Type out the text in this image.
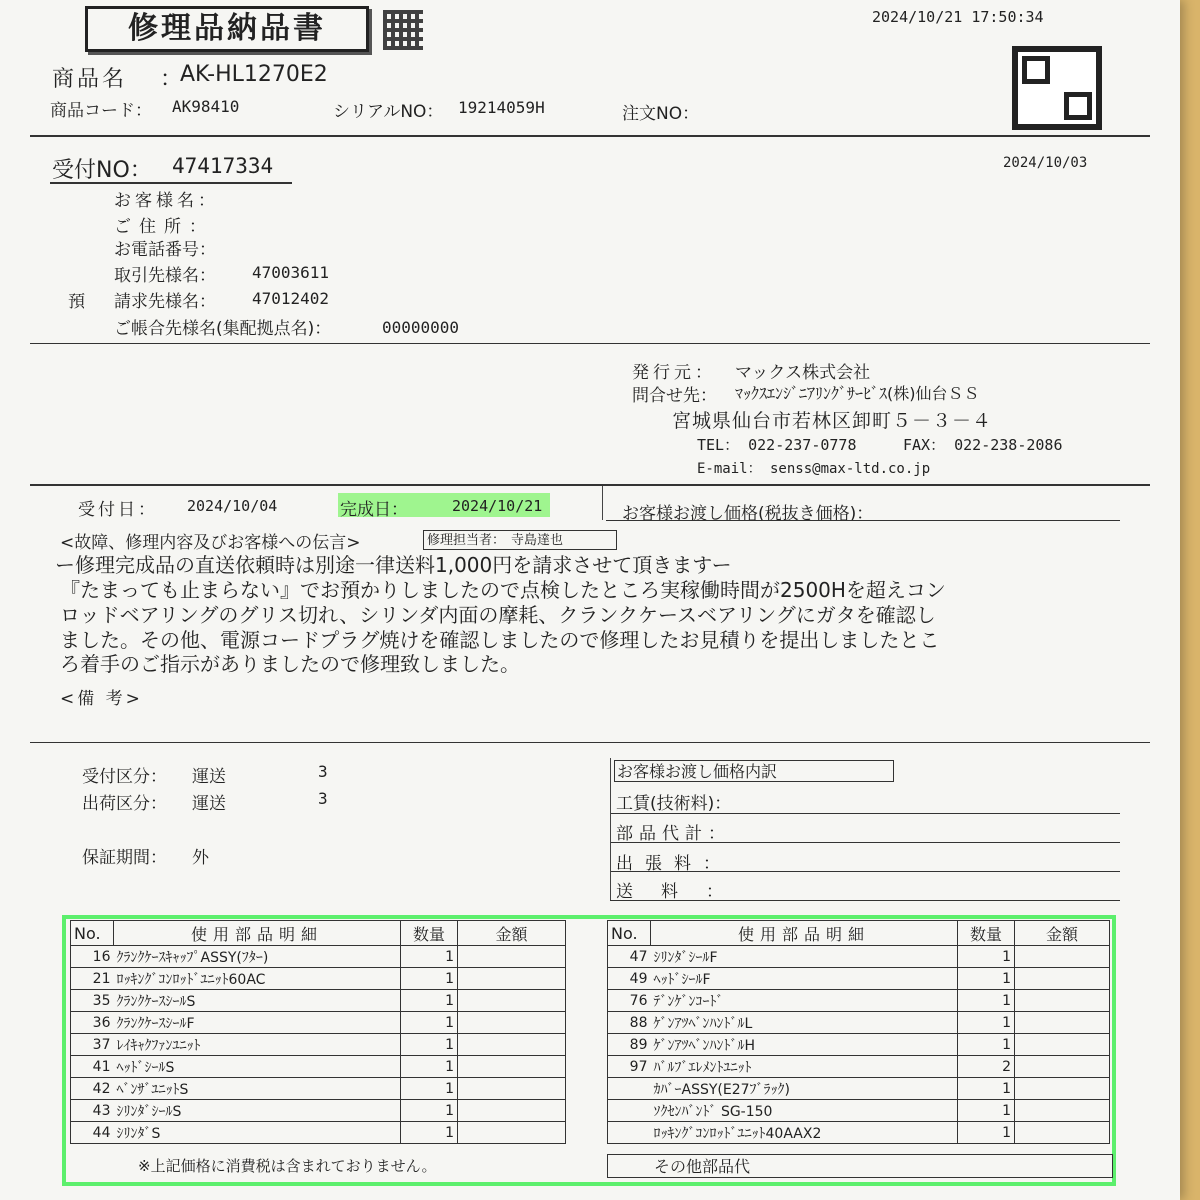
修理品納品書	2024/10/21 17:50:34
商品名 ：
AK-HL1270E2
商品コード： AK98410	シリアルNO： 19214059H	注文NO：
受付NO： 47417334	2024/10/03
お客様名：
ご住所：
お電話番号：
取引先様名： 47003611
預 請求先様名： 47012402
ご帳合先様名(集配拠点名)：	00000000
発行元： マックス株式会社
問合せ先： ﾏｯｸｽｴﾝｼﾞﾆｱﾘﾝｸﾞｻｰﾋﾞｽ(株)仙台ＳＳ
宮城県仙台市若林区卸町５－３－４
TEL： 022-237-0778	FAX： 022-238-2086
E-mail： senss@max-ltd.co.jp
受付日： 2024/10/04	完成日：	2024/10/21	お客様お渡し価格(税抜き価格)：
<故障、修理内容及びお客様への伝言>	修理担当者： 寺島達也
ー修理完成品の直送依頼時は別途一律送料1,000円を請求させて頂きますー
『たまっても止まらない』でお預かりしましたので点検したところ実稼働時間が2500Hを超えコン
ロッドベアリングのグリス切れ、シリンダ内面の摩耗、クランクケースベアリングにガタを確認し
ました。その他、電源コードプラグ焼けを確認しましたので修理したお見積りを提出しましたとこ
ろ着手のご指示がありましたので修理致しました。
<備 考>
受付区分： 運送	3
出荷区分： 運送	3
保証期間： 外
お客様お渡し価格内訳
工賃(技術料)：
部品代計：
出張料：
送料：
No.	使用部品明細	数量	金額
16	ｸﾗﾝｸｹｰｽｷｬｯﾌﾟASSY(ﾌﾀｰ)	1	
21	ﾛｯｷﾝｸﾞｺﾝﾛｯﾄﾞﾕﾆｯﾄ60AC	1	
35	ｸﾗﾝｸｹｰｽｼｰﾙS	1	
36	ｸﾗﾝｸｹｰｽｼｰﾙF	1	
37	ﾚｲｷｬｸﾌｧﾝﾕﾆｯﾄ	1	
41	ﾍｯﾄﾞｼｰﾙS	1	
42	ﾍﾞﾝｻﾞﾕﾆｯﾄS	1	
43	ｼﾘﾝﾀﾞｼｰﾙS	1	
44	ｼﾘﾝﾀﾞS	1	
No.	使用部品明細	数量	金額
47	ｼﾘﾝﾀﾞｼｰﾙF	1	
49	ﾍｯﾄﾞｼｰﾙF	1	
76	ﾃﾞﾝｹﾞﾝｺｰﾄﾞ	1	
88	ｹﾞﾝｱﾂﾍﾞﾝﾊﾝﾄﾞﾙL	1	
89	ｹﾞﾝｱﾂﾍﾞﾝﾊﾝﾄﾞﾙH	1	
97	ﾊﾞﾙﾌﾞｴﾚﾒﾝﾄﾕﾆｯﾄ	2	
	ｶﾊﾞｰASSY(E27ﾌﾞﾗｯｸ)	1	
	ｿｸｾﾝﾊﾞﾝﾄﾞ SG-150	1	
	ﾛｯｷﾝｸﾞｺﾝﾛｯﾄﾞﾕﾆｯﾄ40AAX2	1	
※上記価格に消費税は含まれておりません。	その他部品代
